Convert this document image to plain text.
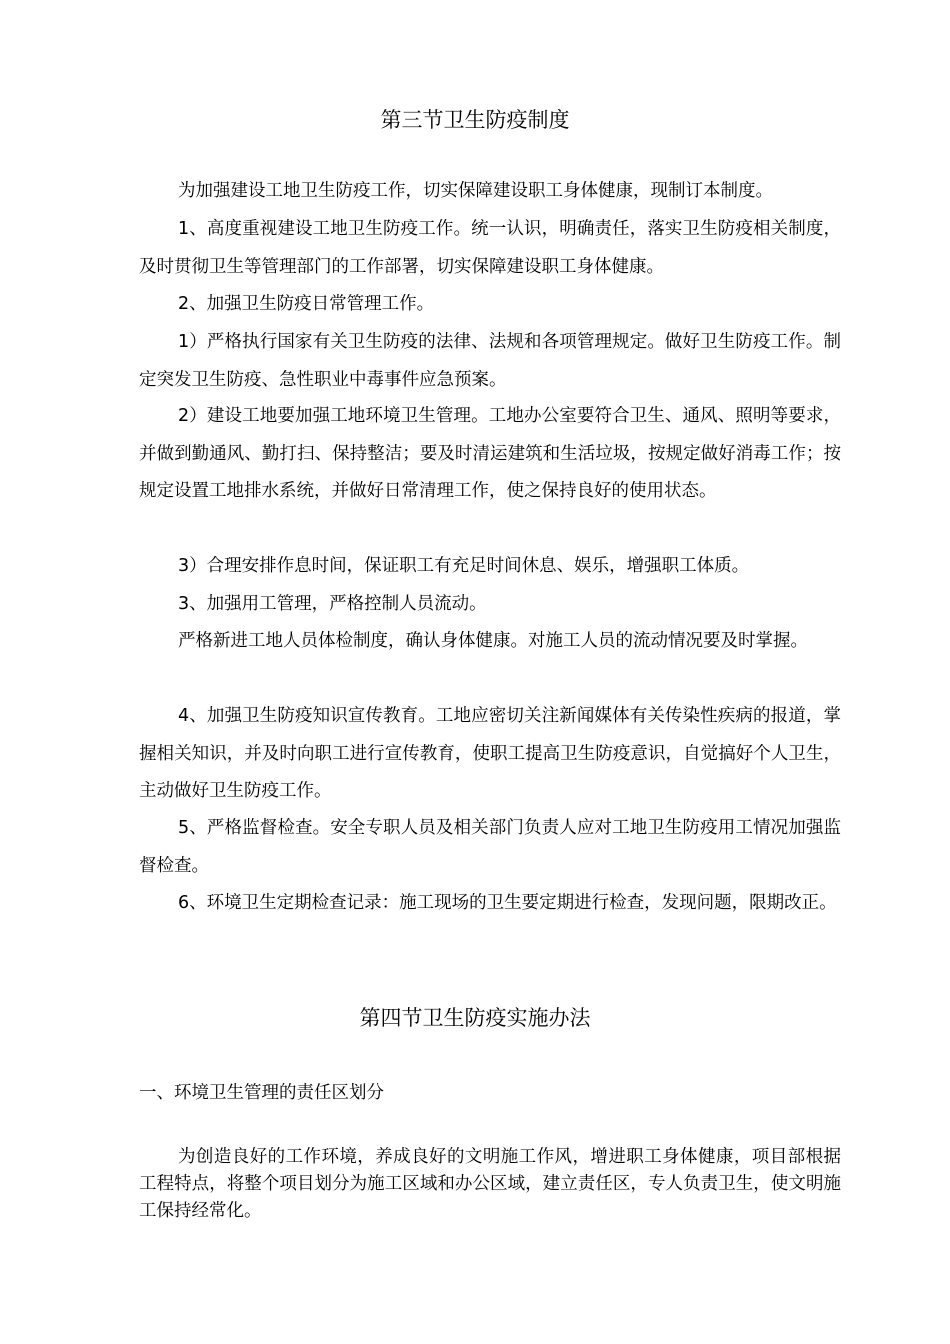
第三节卫生防疫制度

为加强建设工地卫生防疫工作，切实保障建设职工身体健康，现制订本制度。

1、高度重视建设工地卫生防疫工作。统一认识，明确责任，落实卫生防疫相关制度，及时贯彻卫生等管理部门的工作部署，切实保障建设职工身体健康。

2、加强卫生防疫日常管理工作。

1）严格执行国家有关卫生防疫的法律、法规和各项管理规定。做好卫生防疫工作。制定突发卫生防疫、急性职业中毒事件应急预案。

2）建设工地要加强工地环境卫生管理。工地办公室要符合卫生、通风、照明等要求，并做到勤通风、勤打扫、保持整洁；要及时清运建筑和生活垃圾，按规定做好消毒工作；按规定设置工地排水系统，并做好日常清理工作，使之保持良好的使用状态。

3）合理安排作息时间，保证职工有充足时间休息、娱乐，增强职工体质。

3、加强用工管理，严格控制人员流动。

严格新进工地人员体检制度，确认身体健康。对施工人员的流动情况要及时掌握。

4、加强卫生防疫知识宣传教育。工地应密切关注新闻媒体有关传染性疾病的报道，掌握相关知识，并及时向职工进行宣传教育，使职工提高卫生防疫意识，自觉搞好个人卫生，主动做好卫生防疫工作。

5、严格监督检查。安全专职人员及相关部门负责人应对工地卫生防疫用工情况加强监督检查。

6、环境卫生定期检查记录：施工现场的卫生要定期进行检查，发现问题，限期改正。

第四节卫生防疫实施办法
一、环境卫生管理的责任区划分

为创造良好的工作环境，养成良好的文明施工作风，增进职工身体健康，项目部根据工程特点，将整个项目划分为施工区域和办公区域，建立责任区，专人负责卫生，使文明施工保持经常化。
